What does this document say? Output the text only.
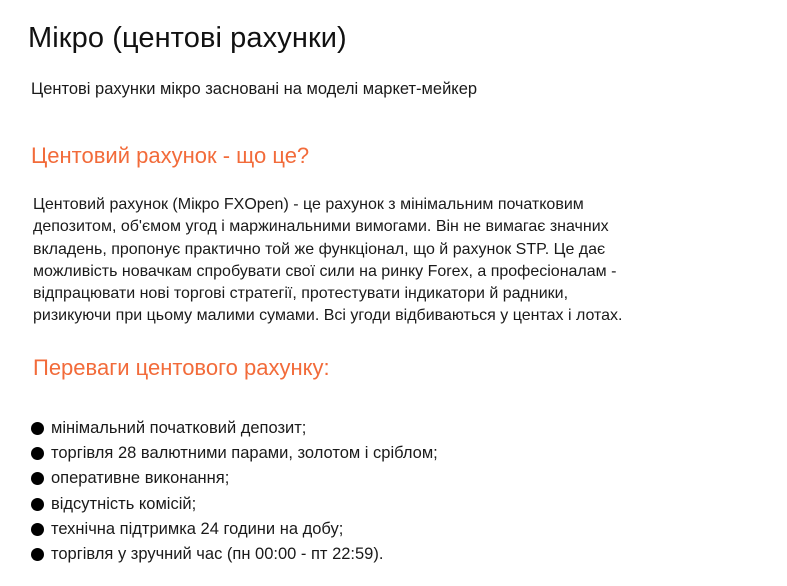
Мікро (центові рахунки)

Центові рахунки мікро засновані на моделі маркет-мейкер

Центовий рахунок - що це?
Центовий рахунок (Мікро FXOpen) - це рахунок з мінімальним початковим
депозитом, об'ємом угод і маржинальними вимогами. Він не вимагає значних
вкладень, пропонує практично той же функціонал, що й рахунок STP. Це дає
можливість новачкам спробувати свої сили на ринку Forex, а професіоналам -
відпрацювати нові торгові стратегії, протестувати індикатори й радники,
ризикуючи при цьому малими сумами. Всі угоди відбиваються у центах і лотах.
Переваги центового рахунку:
мінімальний початковий депозит;
торгівля 28 валютними парами, золотом і сріблом;
оперативне виконання;
відсутність комісій;
технічна підтримка 24 години на добу;
торгівля у зручний час (пн 00:00 - пт 22:59).
